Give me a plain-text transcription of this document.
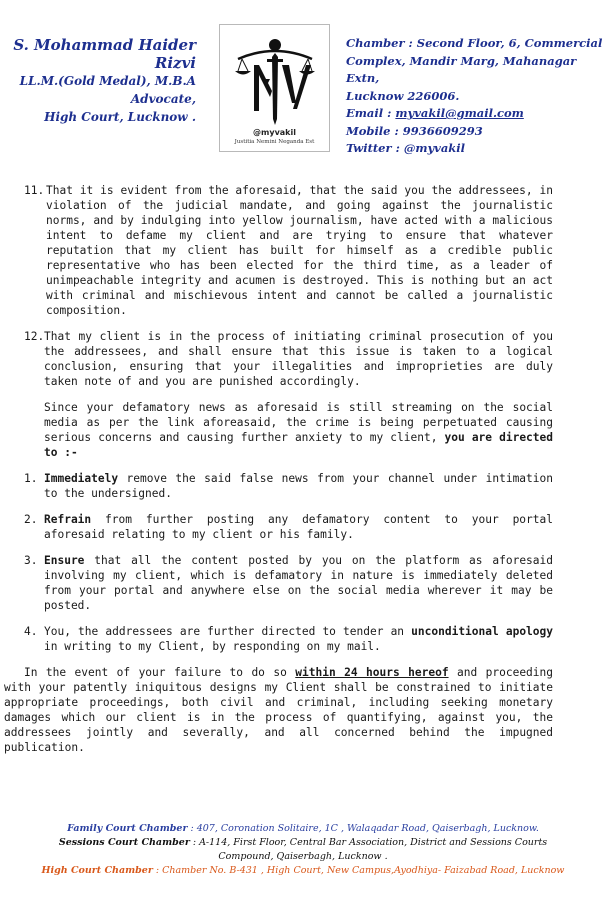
S. Mohammad Haider Rizvi
LL.M.(Gold Medal), M.B.A
Advocate,
High Court, Lucknow .
@myvakil
Justitia Nemini Neganda Est
Chamber : Second Floor, 6, Commercial
Complex, Mandir Marg, Mahanagar Extn,
Lucknow 226006.
Email : myvakil@gmail.com
Mobile : 9936609293
Twitter : @myvakil
11. That it is evident from the aforesaid, that the said you the addressees, in violation of the judicial mandate, and going against the journalistic norms, and by indulging into yellow journalism, have acted with a malicious intent to defame my client and are trying to ensure that whatever reputation that my client has built for himself as a credible public representative who has been elected for the third time, as a leader of unimpeachable integrity and acumen is destroyed. This is nothing but an act with criminal and mischievous intent and cannot be called a journalistic composition.
12. That my client is in the process of initiating criminal prosecution of you the addressees, and shall ensure that this issue is taken to a logical conclusion, ensuring that your illegalities and improprieties are duly taken note of and you are punished accordingly.
Since your defamatory news as aforesaid is still streaming on the social media as per the link aforeasaid, the crime is being perpetuated causing serious concerns and causing further anxiety to my client, you are directed to :-
1. Immediately remove the said false news from your channel under intimation to the undersigned.
2. Refrain from further posting any defamatory content to your portal aforesaid relating to my client or his family.
3. Ensure that all the content posted by you on the platform as aforesaid involving my client, which is defamatory in nature is immediately deleted from your portal and anywhere else on the social media wherever it may be posted.
4. You, the addressees are further directed to tender an unconditional apology in writing to my Client, by responding on my mail.
In the event of your failure to do so within 24 hours hereof and proceeding with your patently iniquitous designs my Client shall be constrained to initiate appropriate proceedings, both civil and criminal, including seeking monetary damages which our client is in the process of quantifying, against you, the addressees jointly and severally, and all concerned behind the impugned publication.
Family Court Chamber : 407, Coronation Solitaire, 1C , Walaqadar Road, Qaiserbagh, Lucknow.
Sessions Court Chamber : A-114, First Floor, Central Bar Association, District and Sessions Courts Compound, Qaiserbagh, Lucknow .
High Court Chamber : Chamber No. B-431 , High Court, New Campus,Ayodhiya- Faizabad Road, Lucknow
